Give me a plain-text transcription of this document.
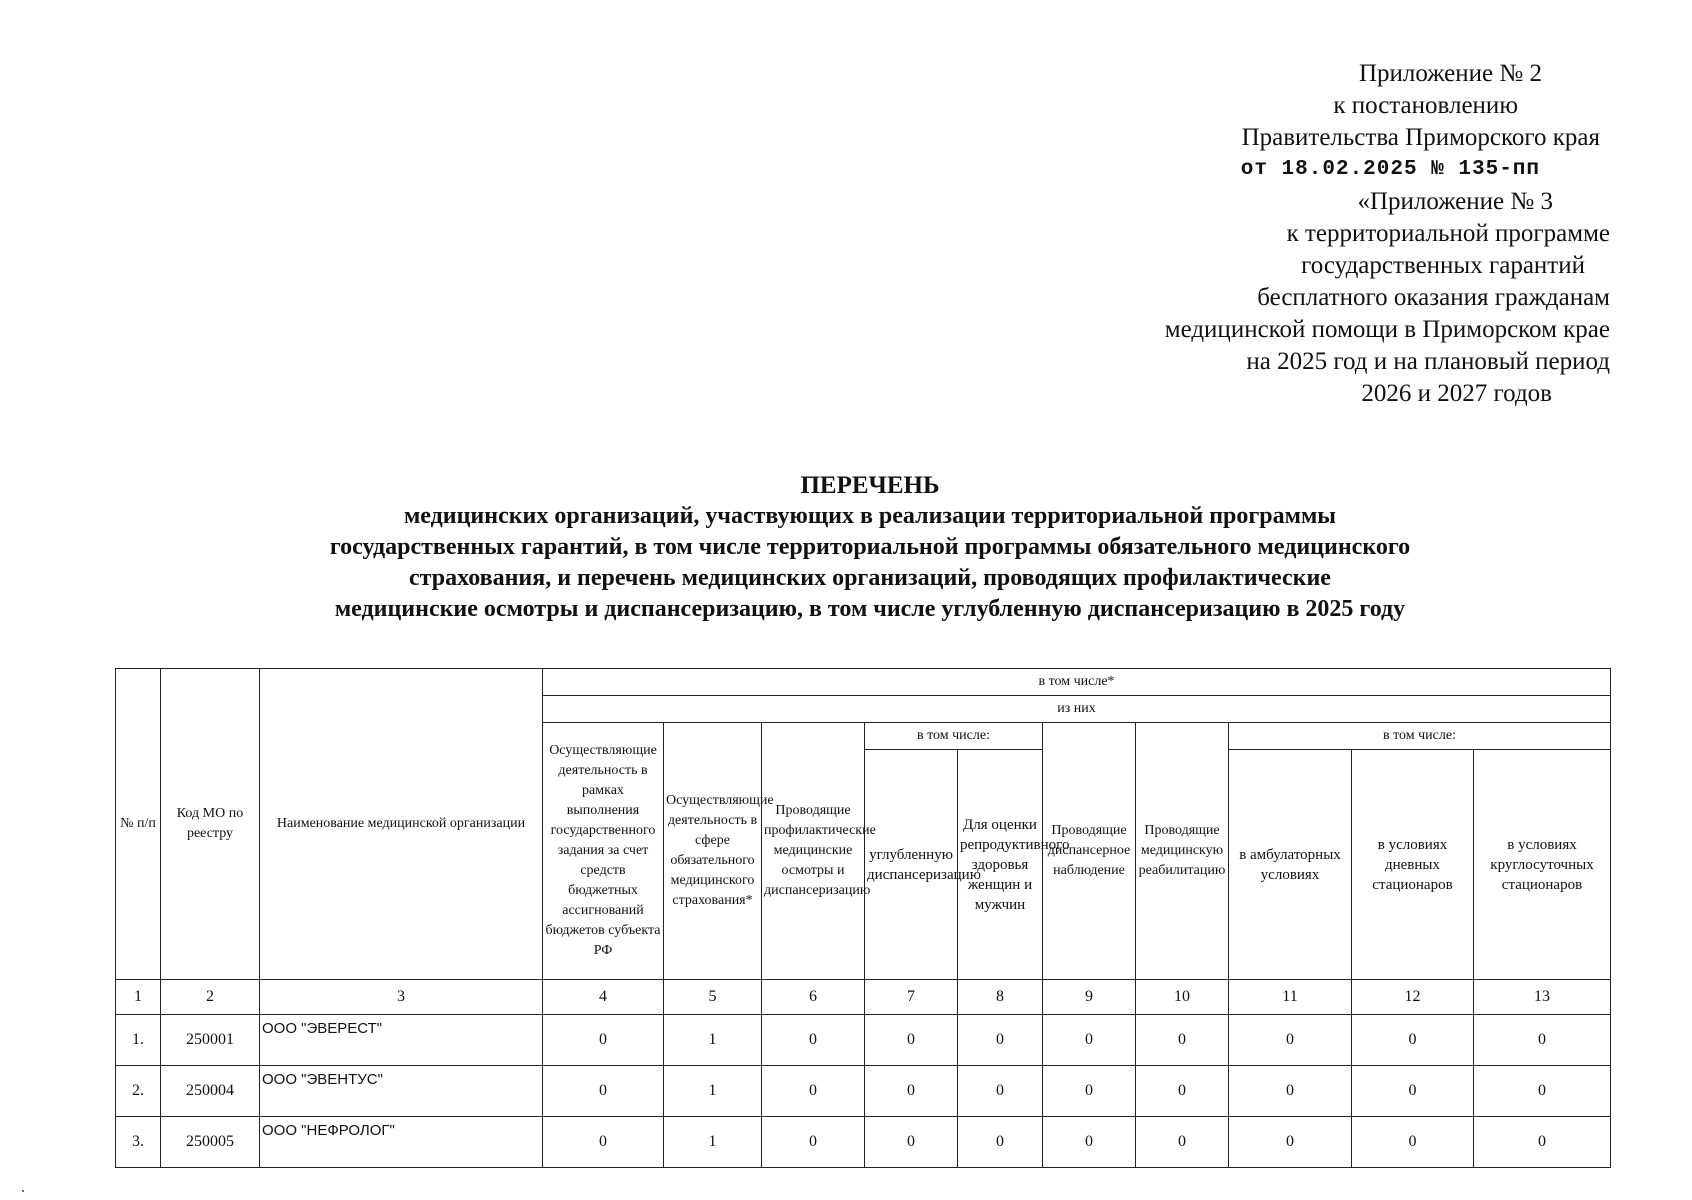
Приложение № 2
к постановлению
Правительства Приморского края
от 18.02.2025 № 135-пп
«Приложение № 3
к территориальной программе
государственных гарантий
бесплатного оказания гражданам
медицинской помощи в Приморском крае
на 2025 год и на плановый период
2026 и 2027 годов
ПЕРЕЧЕНЬ
медицинских организаций, участвующих в реализации территориальной программы
государственных гарантий, в том числе территориальной программы обязательного медицинского
страхования, и перечень медицинских организаций, проводящих профилактические
медицинские осмотры и диспансеризацию, в том числе углубленную диспансеризацию в 2025 году
№ п/п	Код МО по реестру	Наименование медицинской организации	в том числе*									
			из них									
			Осуществляющие деятельность в рамках выполнения государственного задания за счет средств бюджетных ассигнований бюджетов субъекта РФ	Осуществляющие деятельность в сфере обязательного медицинского страхования*	Проводящие профилактические медицинские осмотры и диспансеризацию	в том числе:		Проводящие диспансерное наблюдение	Проводящие медицинскую реабилитацию	в том числе:		
						углубленную диспансеризацию	Для оценки репродуктивного здоровья женщин и мужчин			в амбулаторных условиях	в условиях дневных стационаров	в условиях круглосуточных стационаров
1	2	3	4	5	6	7	8	9	10	11	12	13
1.	250001	ООО "ЭВЕРЕСТ"	0	1	0	0	0	0	0	0	0	0
2.	250004	ООО "ЭВЕНТУС"	0	1	0	0	0	0	0	0	0	0
3.	250005	ООО "НЕФРОЛОГ"	0	1	0	0	0	0	0	0	0	0
